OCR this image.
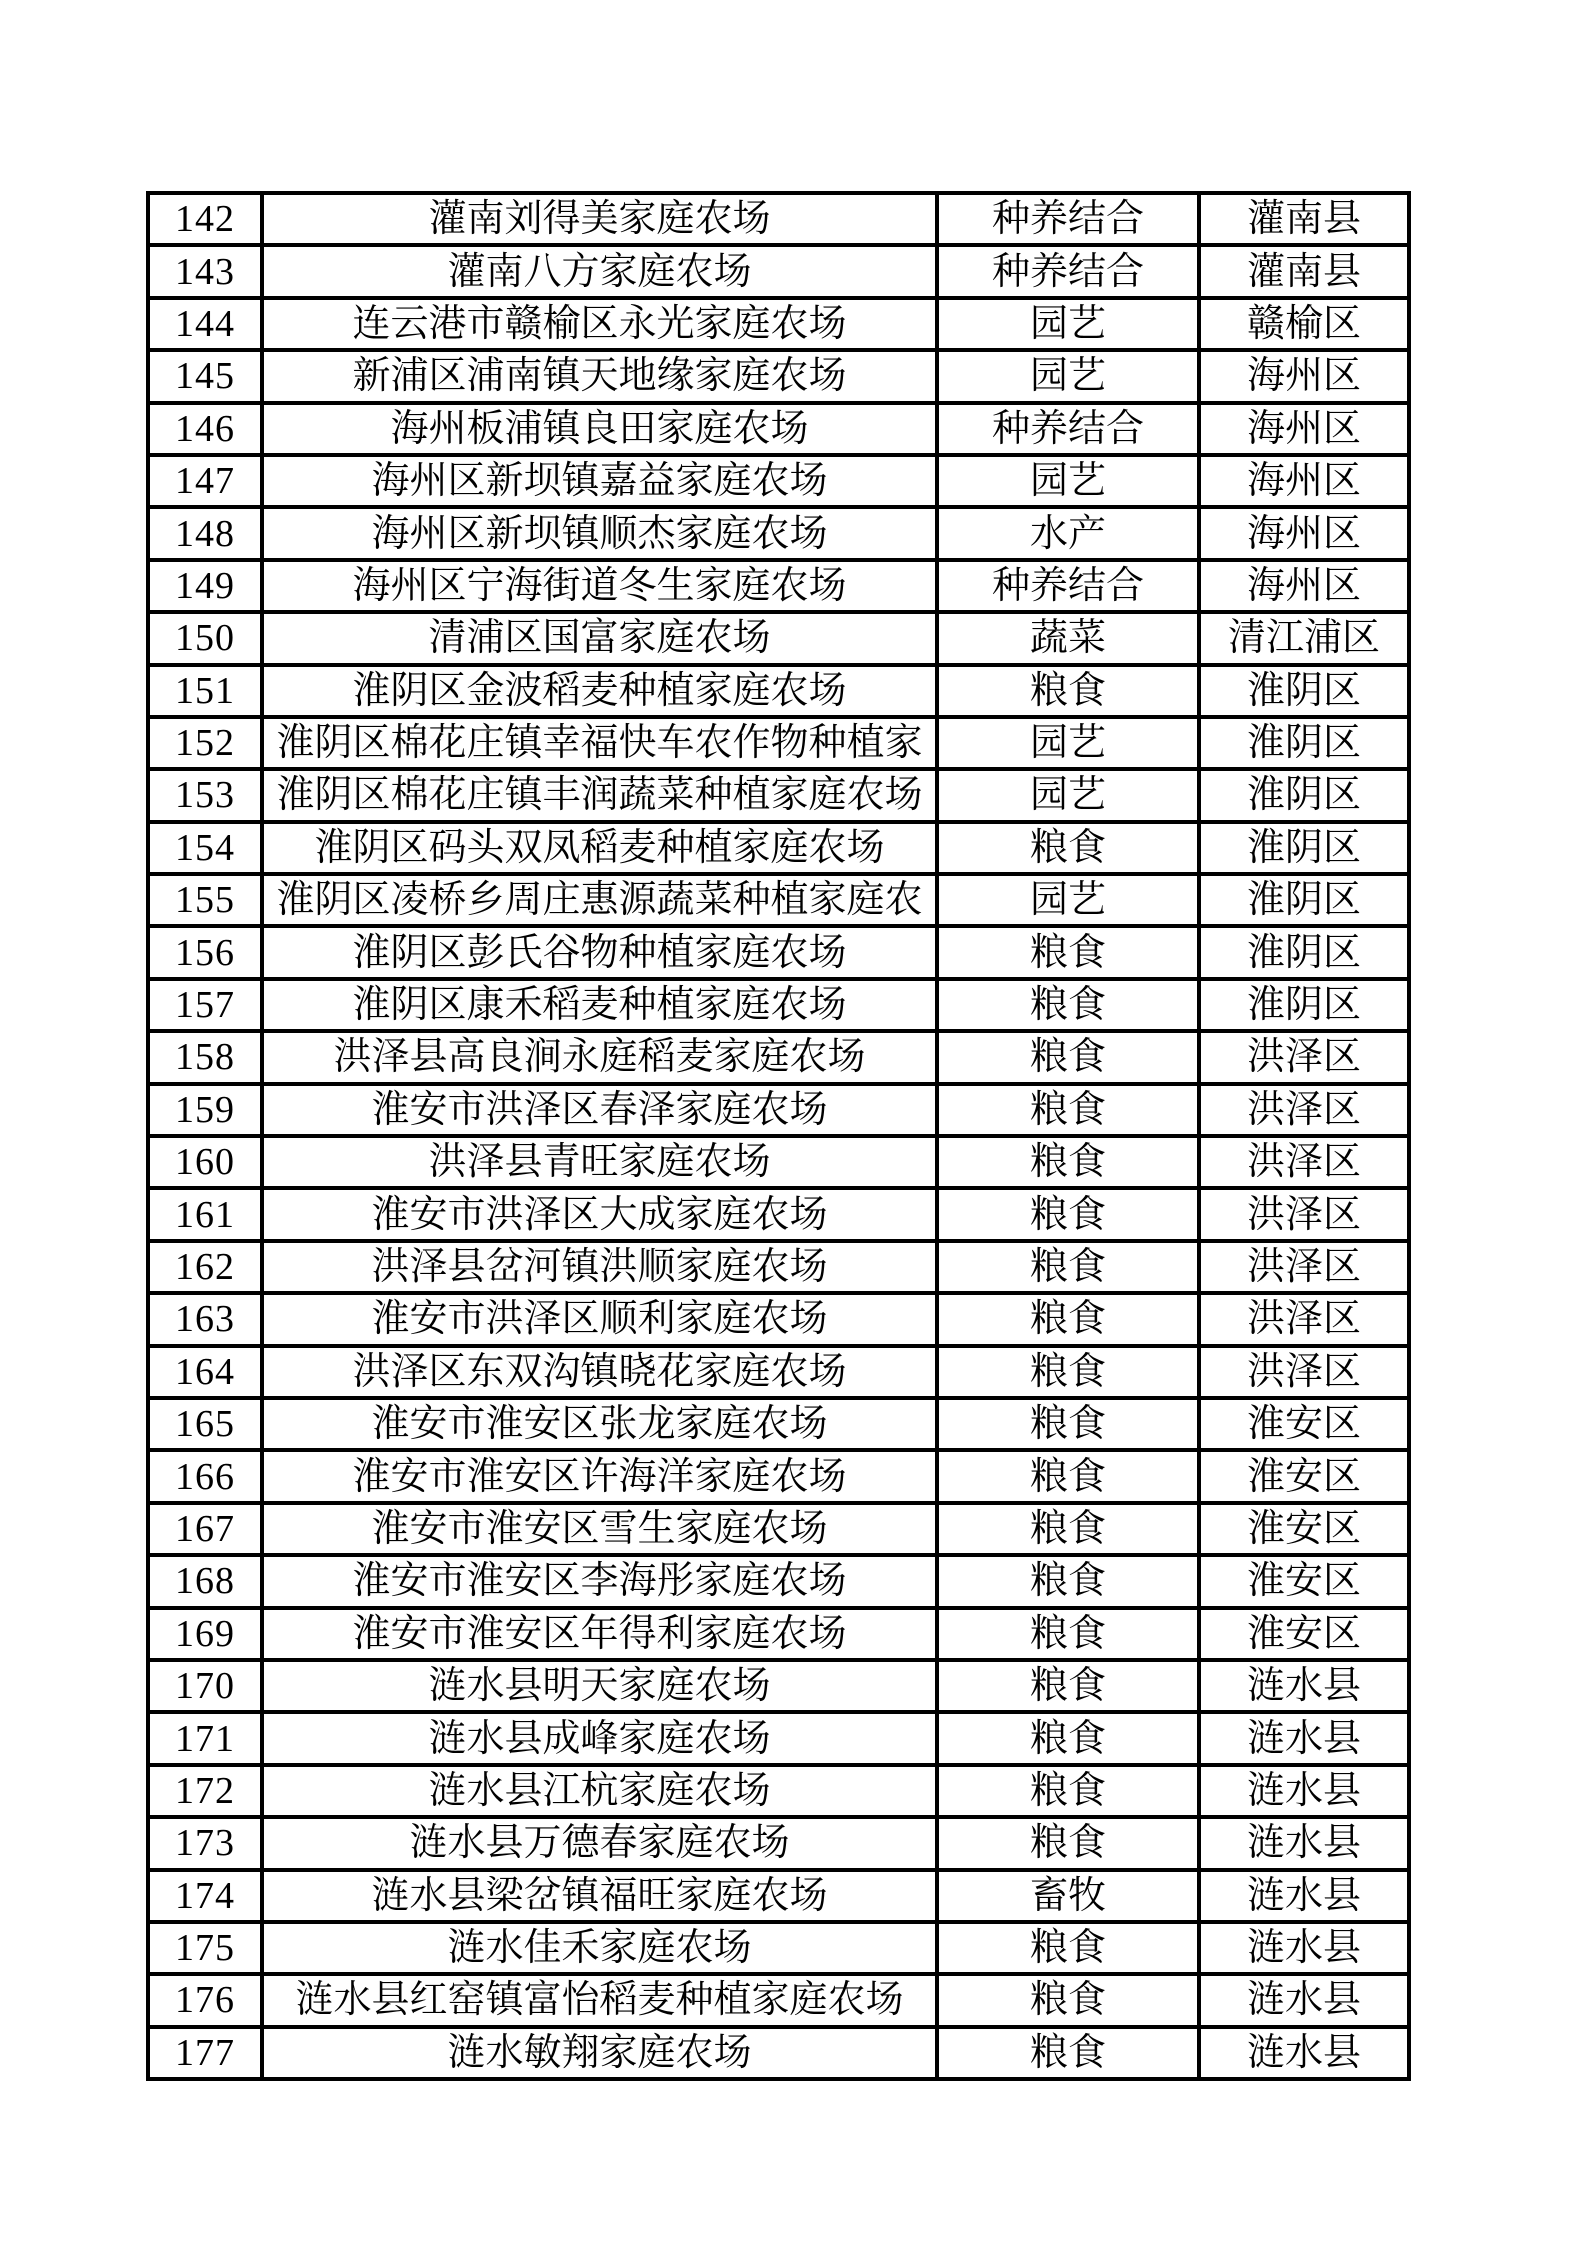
142	灌南刘得美家庭农场	种养结合	灌南县
143	灌南八方家庭农场	种养结合	灌南县
144	连云港市赣榆区永光家庭农场	园艺	赣榆区
145	新浦区浦南镇天地缘家庭农场	园艺	海州区
146	海州板浦镇良田家庭农场	种养结合	海州区
147	海州区新坝镇嘉益家庭农场	园艺	海州区
148	海州区新坝镇顺杰家庭农场	水产	海州区
149	海州区宁海街道冬生家庭农场	种养结合	海州区
150	清浦区国富家庭农场	蔬菜	清江浦区
151	淮阴区金波稻麦种植家庭农场	粮食	淮阴区
152	淮阴区棉花庄镇幸福快车农作物种植家	园艺	淮阴区
153	淮阴区棉花庄镇丰润蔬菜种植家庭农场	园艺	淮阴区
154	淮阴区码头双凤稻麦种植家庭农场	粮食	淮阴区
155	淮阴区凌桥乡周庄惠源蔬菜种植家庭农	园艺	淮阴区
156	淮阴区彭氏谷物种植家庭农场	粮食	淮阴区
157	淮阴区康禾稻麦种植家庭农场	粮食	淮阴区
158	洪泽县高良涧永庭稻麦家庭农场	粮食	洪泽区
159	淮安市洪泽区春泽家庭农场	粮食	洪泽区
160	洪泽县青旺家庭农场	粮食	洪泽区
161	淮安市洪泽区大成家庭农场	粮食	洪泽区
162	洪泽县岔河镇洪顺家庭农场	粮食	洪泽区
163	淮安市洪泽区顺利家庭农场	粮食	洪泽区
164	洪泽区东双沟镇晓花家庭农场	粮食	洪泽区
165	淮安市淮安区张龙家庭农场	粮食	淮安区
166	淮安市淮安区许海洋家庭农场	粮食	淮安区
167	淮安市淮安区雪生家庭农场	粮食	淮安区
168	淮安市淮安区李海彤家庭农场	粮食	淮安区
169	淮安市淮安区年得利家庭农场	粮食	淮安区
170	涟水县明天家庭农场	粮食	涟水县
171	涟水县成峰家庭农场	粮食	涟水县
172	涟水县江杭家庭农场	粮食	涟水县
173	涟水县万德春家庭农场	粮食	涟水县
174	涟水县梁岔镇福旺家庭农场	畜牧	涟水县
175	涟水佳禾家庭农场	粮食	涟水县
176	涟水县红窑镇富怡稻麦种植家庭农场	粮食	涟水县
177	涟水敏翔家庭农场	粮食	涟水县
